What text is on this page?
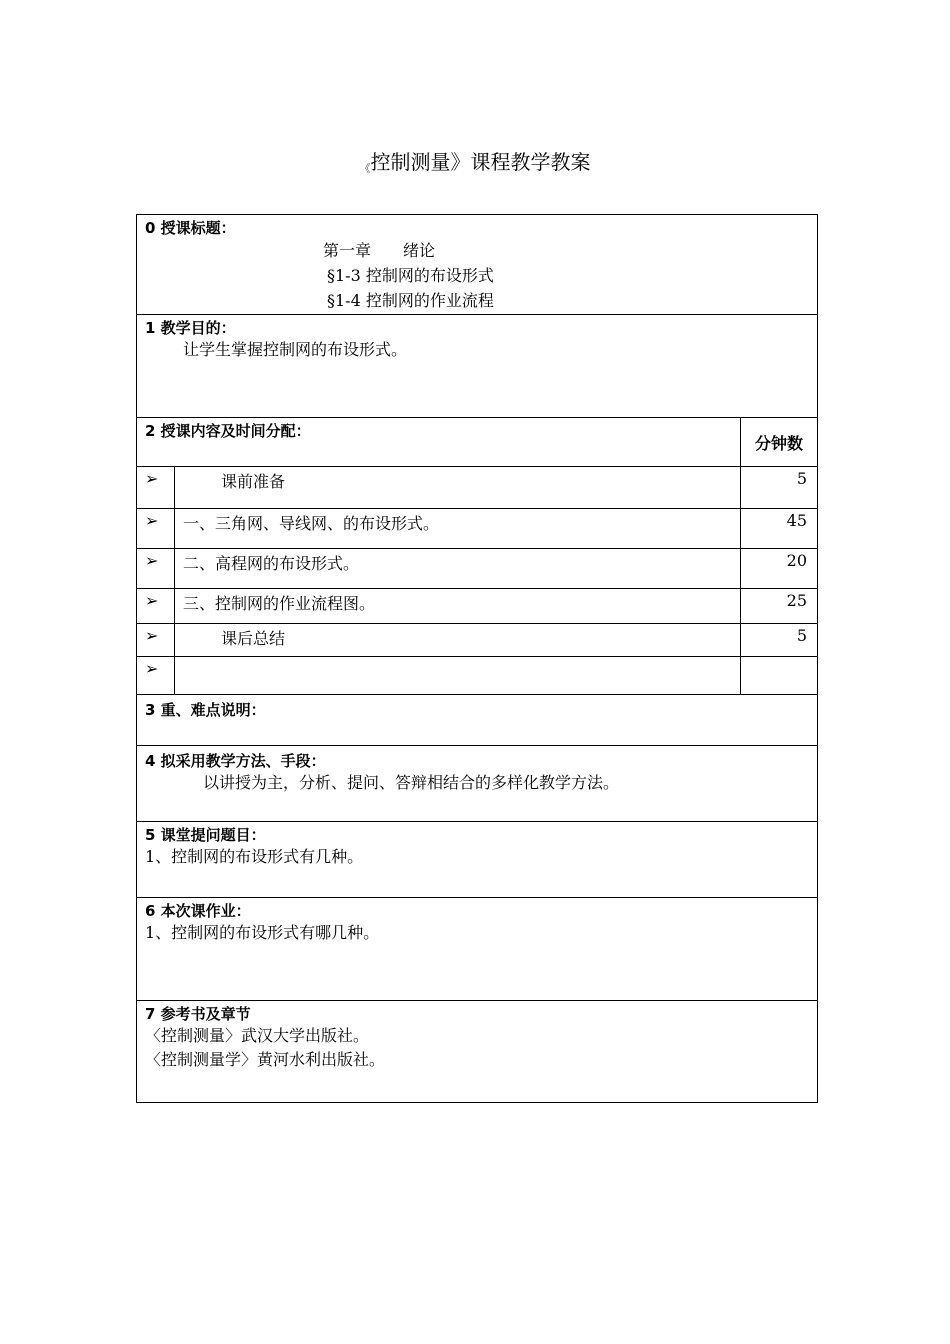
《控制测量》课程教学教案
0 授课标题：
第一章　　绪论
§1-3 控制网的布设形式
§1-4 控制网的作业流程		

1 教学目的：
让学生掌握控制网的布设形式。		

2 授课内容及时间分配：		分钟数
➢	课前准备	5
➢	一、三角网、导线网、的布设形式。	45
➢	二、高程网的布设形式。	20
➢	三、控制网的作业流程图。	25
➢	课后总结	5
➢		

3 重、难点说明：		

4 拟采用教学方法、手段：
以讲授为主，分析、提问、答辩相结合的多样化教学方法。		

5 课堂提问题目：
1、控制网的布设形式有几种。		

6 本次课作业：
1、控制网的布设形式有哪几种。		

7 参考书及章节
〈控制测量〉武汉大学出版社。
〈控制测量学〉黄河水利出版社。		
